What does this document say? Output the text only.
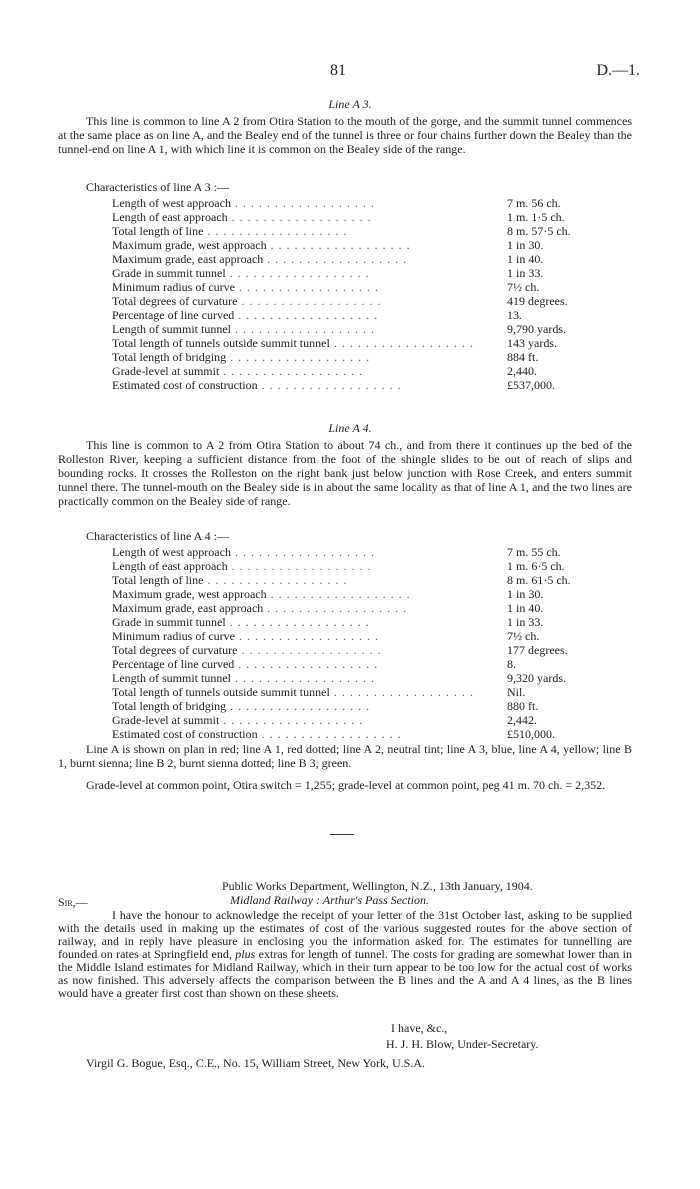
81	D.—1.
Line A 3.
This line is common to line A 2 from Otira Station to the mouth of the gorge, and the summit tunnel commences at the same place as on line A, and the Bealey end of the tunnel is three or four chains further down the Bealey than the tunnel-end on line A 1, with which line it is common on the Bealey side of the range.
Characteristics of line A 3 :—
Length of west approach . . . . . . . . . . . . . . . . . .	7 m. 56 ch.
Length of east approach . . . . . . . . . . . . . . . . . .	1 m. 1·5 ch.
Total length of line . . . . . . . . . . . . . . . . . .	8 m. 57·5 ch.
Maximum grade, west approach . . . . . . . . . . . . . . . . . .	1 in 30.
Maximum grade, east approach . . . . . . . . . . . . . . . . . .	1 in 40.
Grade in summit tunnel . . . . . . . . . . . . . . . . . .	1 in 33.
Minimum radius of curve . . . . . . . . . . . . . . . . . .	7½ ch.
Total degrees of curvature . . . . . . . . . . . . . . . . . .	419 degrees.
Percentage of line curved . . . . . . . . . . . . . . . . . .	13.
Length of summit tunnel . . . . . . . . . . . . . . . . . .	9,790 yards.
Total length of tunnels outside summit tunnel . . . . . . . . . . . . . . . . . .	143 yards.
Total length of bridging . . . . . . . . . . . . . . . . . .	884 ft.
Grade-level at summit . . . . . . . . . . . . . . . . . .	2,440.
Estimated cost of construction . . . . . . . . . . . . . . . . . .	£537,000.
Line A 4.
This line is common to A 2 from Otira Station to about 74 ch., and from there it continues up the bed of the Rolleston River, keeping a sufficient distance from the foot of the shingle slides to be out of reach of slips and bounding rocks. It crosses the Rolleston on the right bank just below junction with Rose Creek, and enters summit tunnel there. The tunnel-mouth on the Bealey side is in about the same locality as that of line A 1, and the two lines are practically common on the Bealey side of range.
Characteristics of line A 4 :—
Length of west approach . . . . . . . . . . . . . . . . . .	7 m. 55 ch.
Length of east approach . . . . . . . . . . . . . . . . . .	1 m. 6·5 ch.
Total length of line . . . . . . . . . . . . . . . . . .	8 m. 61·5 ch.
Maximum grade, west approach . . . . . . . . . . . . . . . . . .	1 in 30.
Maximum grade, east approach . . . . . . . . . . . . . . . . . .	1 in 40.
Grade in summit tunnel . . . . . . . . . . . . . . . . . .	1 in 33.
Minimum radius of curve . . . . . . . . . . . . . . . . . .	7½ ch.
Total degrees of curvature . . . . . . . . . . . . . . . . . .	177 degrees.
Percentage of line curved . . . . . . . . . . . . . . . . . .	8.
Length of summit tunnel . . . . . . . . . . . . . . . . . .	9,320 yards.
Total length of tunnels outside summit tunnel . . . . . . . . . . . . . . . . . .	Nil.
Total length of bridging . . . . . . . . . . . . . . . . . .	880 ft.
Grade-level at summit . . . . . . . . . . . . . . . . . .	2,442.
Estimated cost of construction . . . . . . . . . . . . . . . . . .	£510,000.
Line A is shown on plan in red; line A 1, red dotted; line A 2, neutral tint; line A 3, blue, line A 4, yellow; line B 1, burnt sienna; line B 2, burnt sienna dotted; line B 3, green.
Grade-level at common point, Otira switch = 1,255; grade-level at common point, peg 41 m. 70 ch. = 2,352.
Public Works Department, Wellington, N.Z., 13th January, 1904.
Sir,—	Midland Railway : Arthur's Pass Section.
I have the honour to acknowledge the receipt of your letter of the 31st October last, asking to be supplied with the details used in making up the estimates of cost of the various suggested routes for the above section of railway, and in reply have pleasure in enclosing you the information asked for. The estimates for tunnelling are founded on rates at Springfield end, plus extras for length of tunnel. The costs for grading are somewhat lower than in the Middle Island estimates for Midland Railway, which in their turn appear to be too low for the actual cost of works as now finished. This adversely affects the comparison between the B lines and the A and A 4 lines, as the B lines would have a greater first cost than shown on these sheets.
I have, &c.,
H. J. H. Blow, Under-Secretary.
Virgil G. Bogue, Esq., C.E., No. 15, William Street, New York, U.S.A.
